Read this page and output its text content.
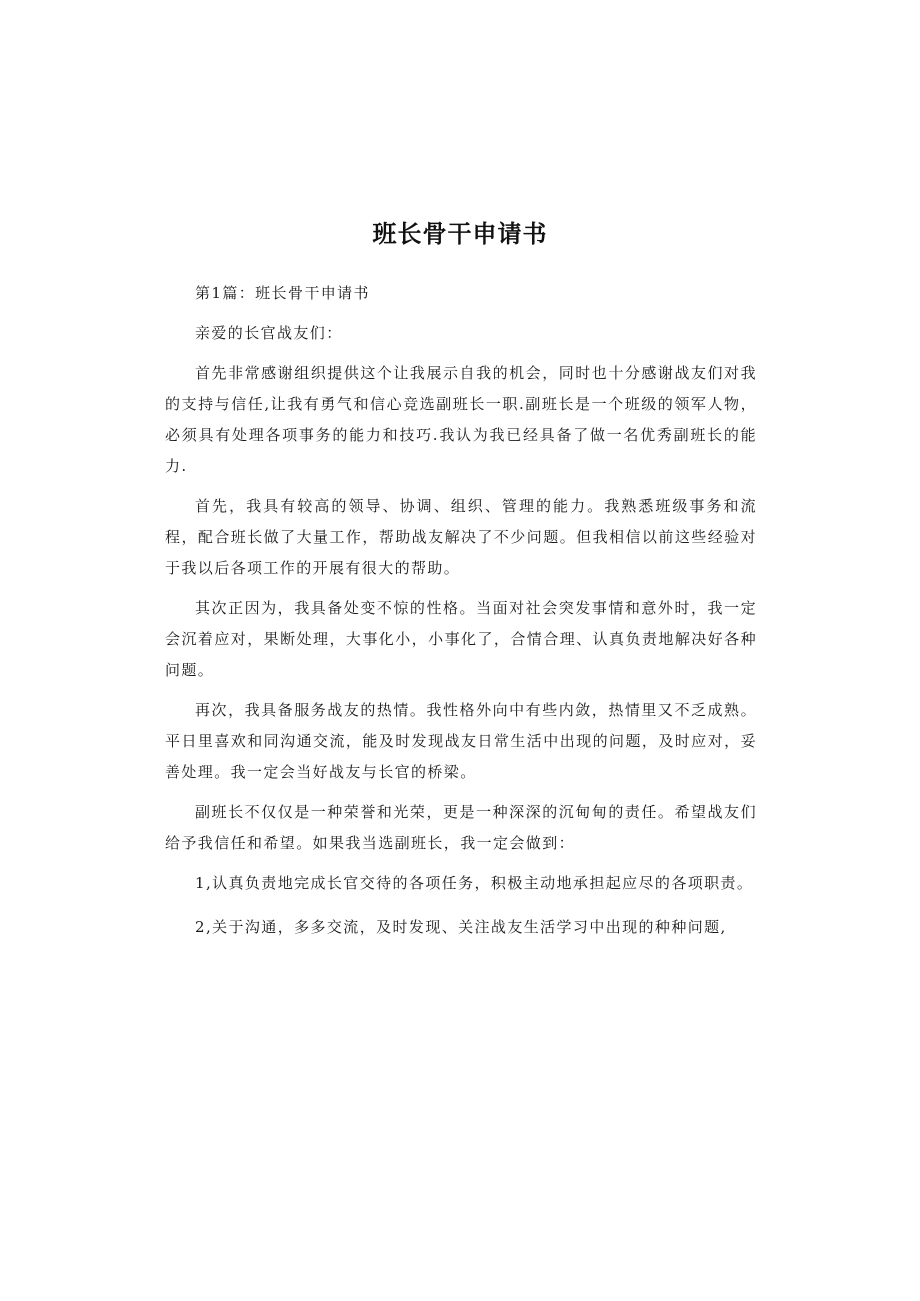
班长骨干申请书

第1篇：班长骨干申请书

亲爱的长官战友们：

首先非常感谢组织提供这个让我展示自我的机会，同时也十分感谢战友们对我的支持与信任,让我有勇气和信心竞选副班长一职.副班长是一个班级的领军人物，必须具有处理各项事务的能力和技巧.我认为我已经具备了做一名优秀副班长的能力.

首先，我具有较高的领导、协调、组织、管理的能力。我熟悉班级事务和流程，配合班长做了大量工作，帮助战友解决了不少问题。但我相信以前这些经验对于我以后各项工作的开展有很大的帮助。

其次正因为，我具备处变不惊的性格。当面对社会突发事情和意外时，我一定会沉着应对，果断处理，大事化小，小事化了，合情合理、认真负责地解决好各种问题。

再次，我具备服务战友的热情。我性格外向中有些内敛，热情里又不乏成熟。平日里喜欢和同沟通交流，能及时发现战友日常生活中出现的问题，及时应对，妥善处理。我一定会当好战友与长官的桥梁。

副班长不仅仅是一种荣誉和光荣，更是一种深深的沉甸甸的责任。希望战友们给予我信任和希望。如果我当选副班长，我一定会做到：

1,认真负责地完成长官交待的各项任务，积极主动地承担起应尽的各项职责。

2,关于沟通，多多交流，及时发现、关注战友生活学习中出现的种种问题,
